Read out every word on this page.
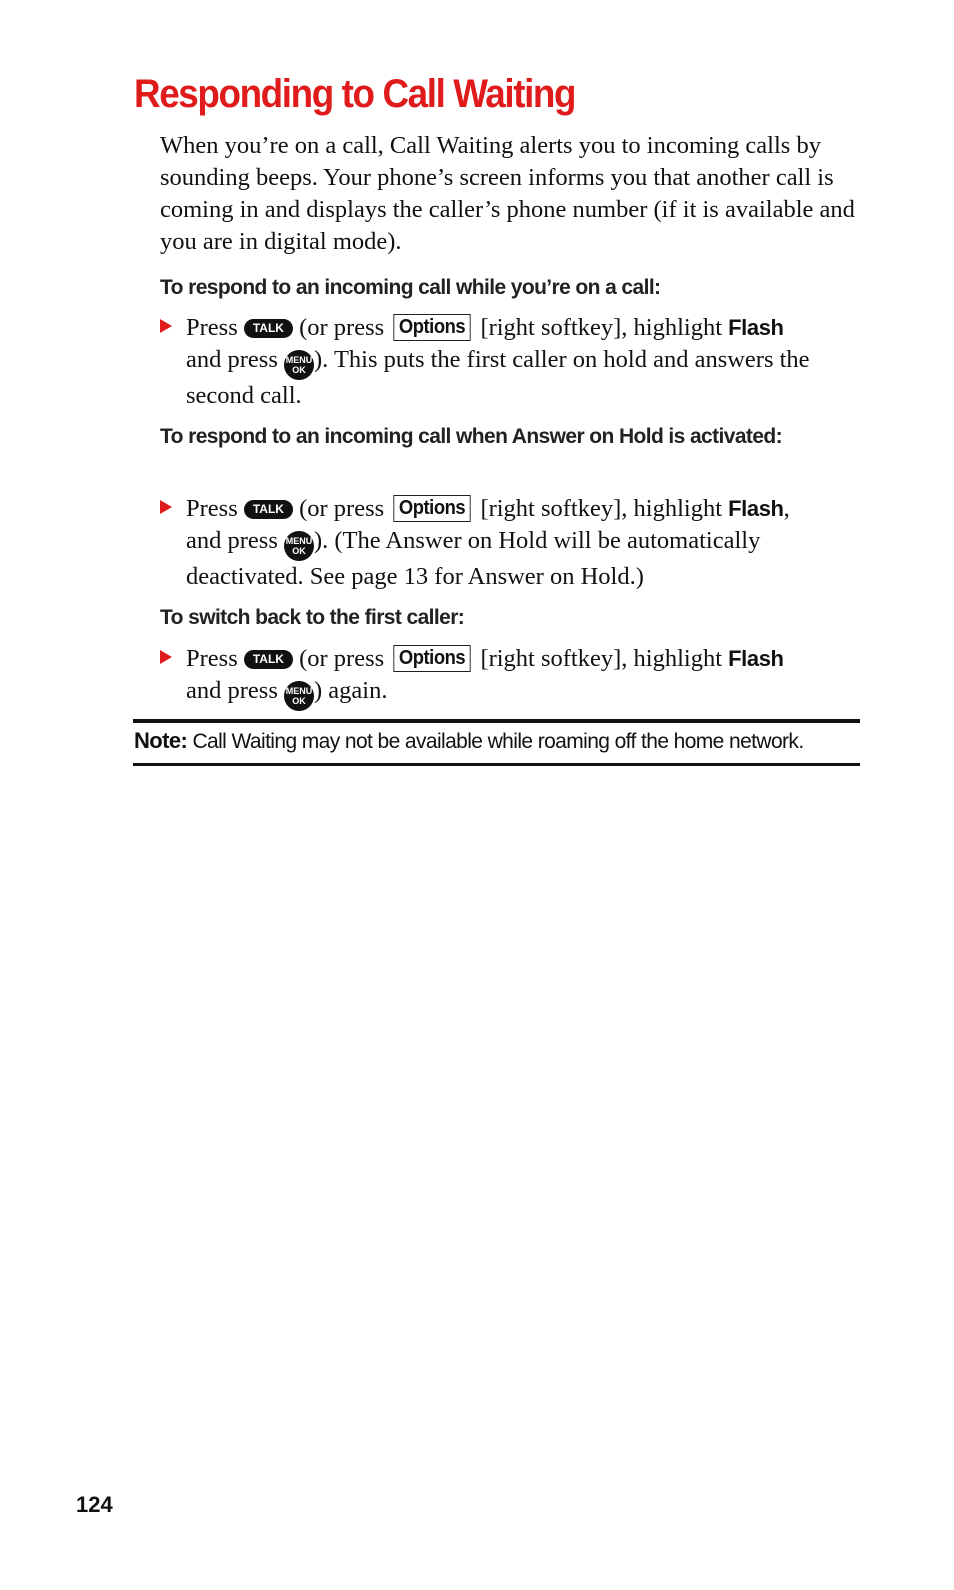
Responding to Call Waiting

When you’re on a call, Call Waiting alerts you to incoming calls by sounding beeps. Your phone’s screen informs you that another call is coming in and displays the caller’s phone number (if it is available and you are in digital mode).

To respond to an incoming call while you’re on a call:

Press TALK (or press Options [right softkey], highlight Flash
and press MENU
OK ). This puts the first caller on hold and answers the second call.

To respond to an incoming call when Answer on Hold is activated:

Press TALK (or press Options [right softkey], highlight Flash,
and press MENU
OK ). (The Answer on Hold will be automatically deactivated. See page 13 for Answer on Hold.)

To switch back to the first caller:

Press TALK (or press Options [right softkey], highlight Flash
and press MENU
OK ) again.

Note: Call Waiting may not be available while roaming off the home network.

124
